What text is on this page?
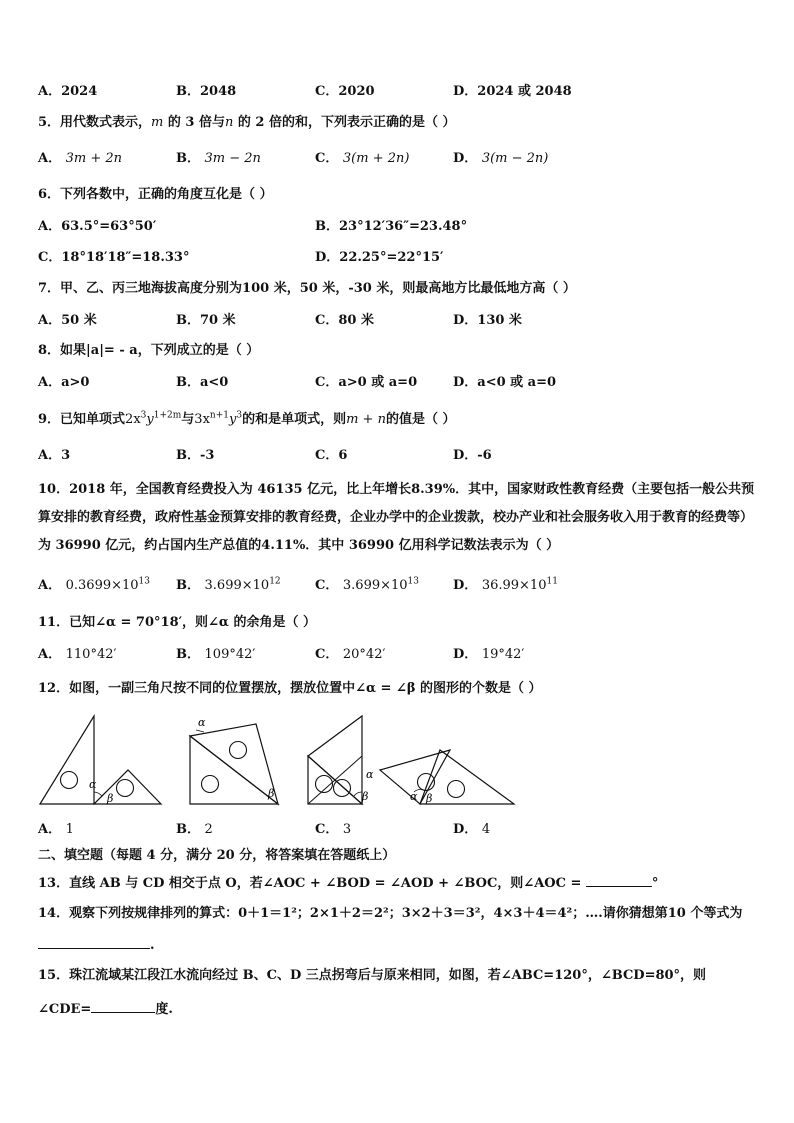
A．2024	B．2048	C．2020	D．2024 或 2048
5．用代数式表示，m 的 3 倍与n 的 2 倍的和，下列表示正确的是（ ）
A． 3m + 2n	B． 3m − 2n	C． 3(m + 2n)	D． 3(m − 2n)
6．下列各数中，正确的角度互化是（ ）
A．63.5°=63°50′	B．23°12′36″=23.48°
C．18°18′18″=18.33°	D．22.25°=22°15′
7．甲、乙、丙三地海拔高度分别为100 米，50 米，-30 米，则最高地方比最低地方高（ ）
A．50 米	B．70 米	C．80 米	D．130 米
8．如果|a|= - a，下列成立的是（ ）
A．a>0	B．a<0	C．a>0 或 a=0	D．a<0 或 a=0
9．已知单项式$2x^3y^{1+2m}$与$3x^{n+1}y^3$的和是单项式，则m + n的值是（ ）
A．3	B．-3	C．6	D．-6
10．2018 年，全国教育经费投入为 46135 亿元，比上年增长8.39%．其中，国家财政性教育经费（主要包括一般公共预算安排的教育经费，政府性基金预算安排的教育经费，企业办学中的企业拨款，校办产业和社会服务收入用于教育的经费等）为 36990 亿元，约占国内生产总值的4.11%．其中 36990 亿用科学记数法表示为（ ）
A． $0.3699\times 10^{13}$ B． $3.699\times 10^{12}$	C． $3.699\times 10^{13}$	D． $36.99\times 10^{11}$
11．已知∠α = 70°18′，则∠α 的余角是（ ）
A． 110°42′	B． 109°42′	C． 20°42′	D． 19°42′
12．如图，一副三角尺按不同的位置摆放，摆放位置中∠α = ∠β 的图形的个数是（ ）
α
β
α
β
α
β	α β
A． 1	B． 2	C． 3	D． 4
二、填空题（每题 4 分，满分 20 分，将答案填在答题纸上）
13．直线 AB 与 CD 相交于点 O，若∠AOC + ∠BOD = ∠AOD + ∠BOC，则∠AOC =	°
14．观察下列按规律排列的算式：0＋1＝1²；2×1＋2＝2²；3×2＋3＝3²，4×3＋4＝4²；….请你猜想第10 个等式为
.
15．珠江流域某江段江水流向经过 B、C、D 三点拐弯后与原来相同，如图，若∠ABC=120°，∠BCD=80°，则
∠CDE=	度.
